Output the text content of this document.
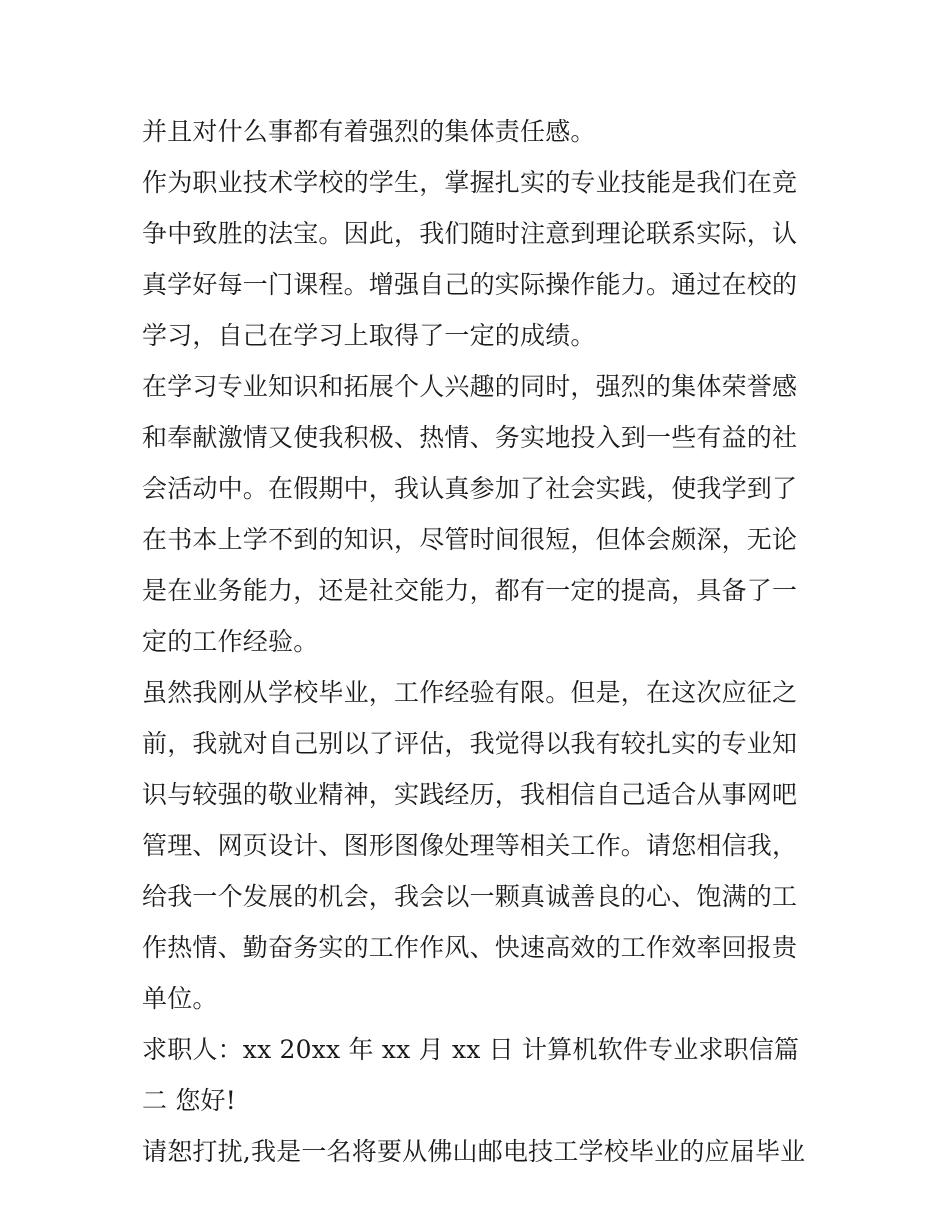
并且对什么事都有着强烈的集体责任感。

作为职业技术学校的学生，掌握扎实的专业技能是我们在竞争中致胜的法宝。因此，我们随时注意到理论联系实际，认真学好每一门课程。增强自己的实际操作能力。通过在校的学习，自己在学习上取得了一定的成绩。

在学习专业知识和拓展个人兴趣的同时，强烈的集体荣誉感和奉献激情又使我积极、热情、务实地投入到一些有益的社会活动中。在假期中，我认真参加了社会实践，使我学到了在书本上学不到的知识，尽管时间很短，但体会颇深，无论是在业务能力，还是社交能力，都有一定的提高，具备了一定的工作经验。

虽然我刚从学校毕业，工作经验有限。但是，在这次应征之前，我就对自己别以了评估，我觉得以我有较扎实的专业知识与较强的敬业精神，实践经历，我相信自己适合从事网吧管理、网页设计、图形图像处理等相关工作。请您相信我，给我一个发展的机会，我会以一颗真诚善良的心、饱满的工作热情、勤奋务实的工作作风、快速高效的工作效率回报贵单位。

求职人：xx 20xx 年 xx 月 xx 日 计算机软件专业求职信篇二 您好!

请恕打扰,我是一名将要从佛山邮电技工学校毕业的应届毕业
